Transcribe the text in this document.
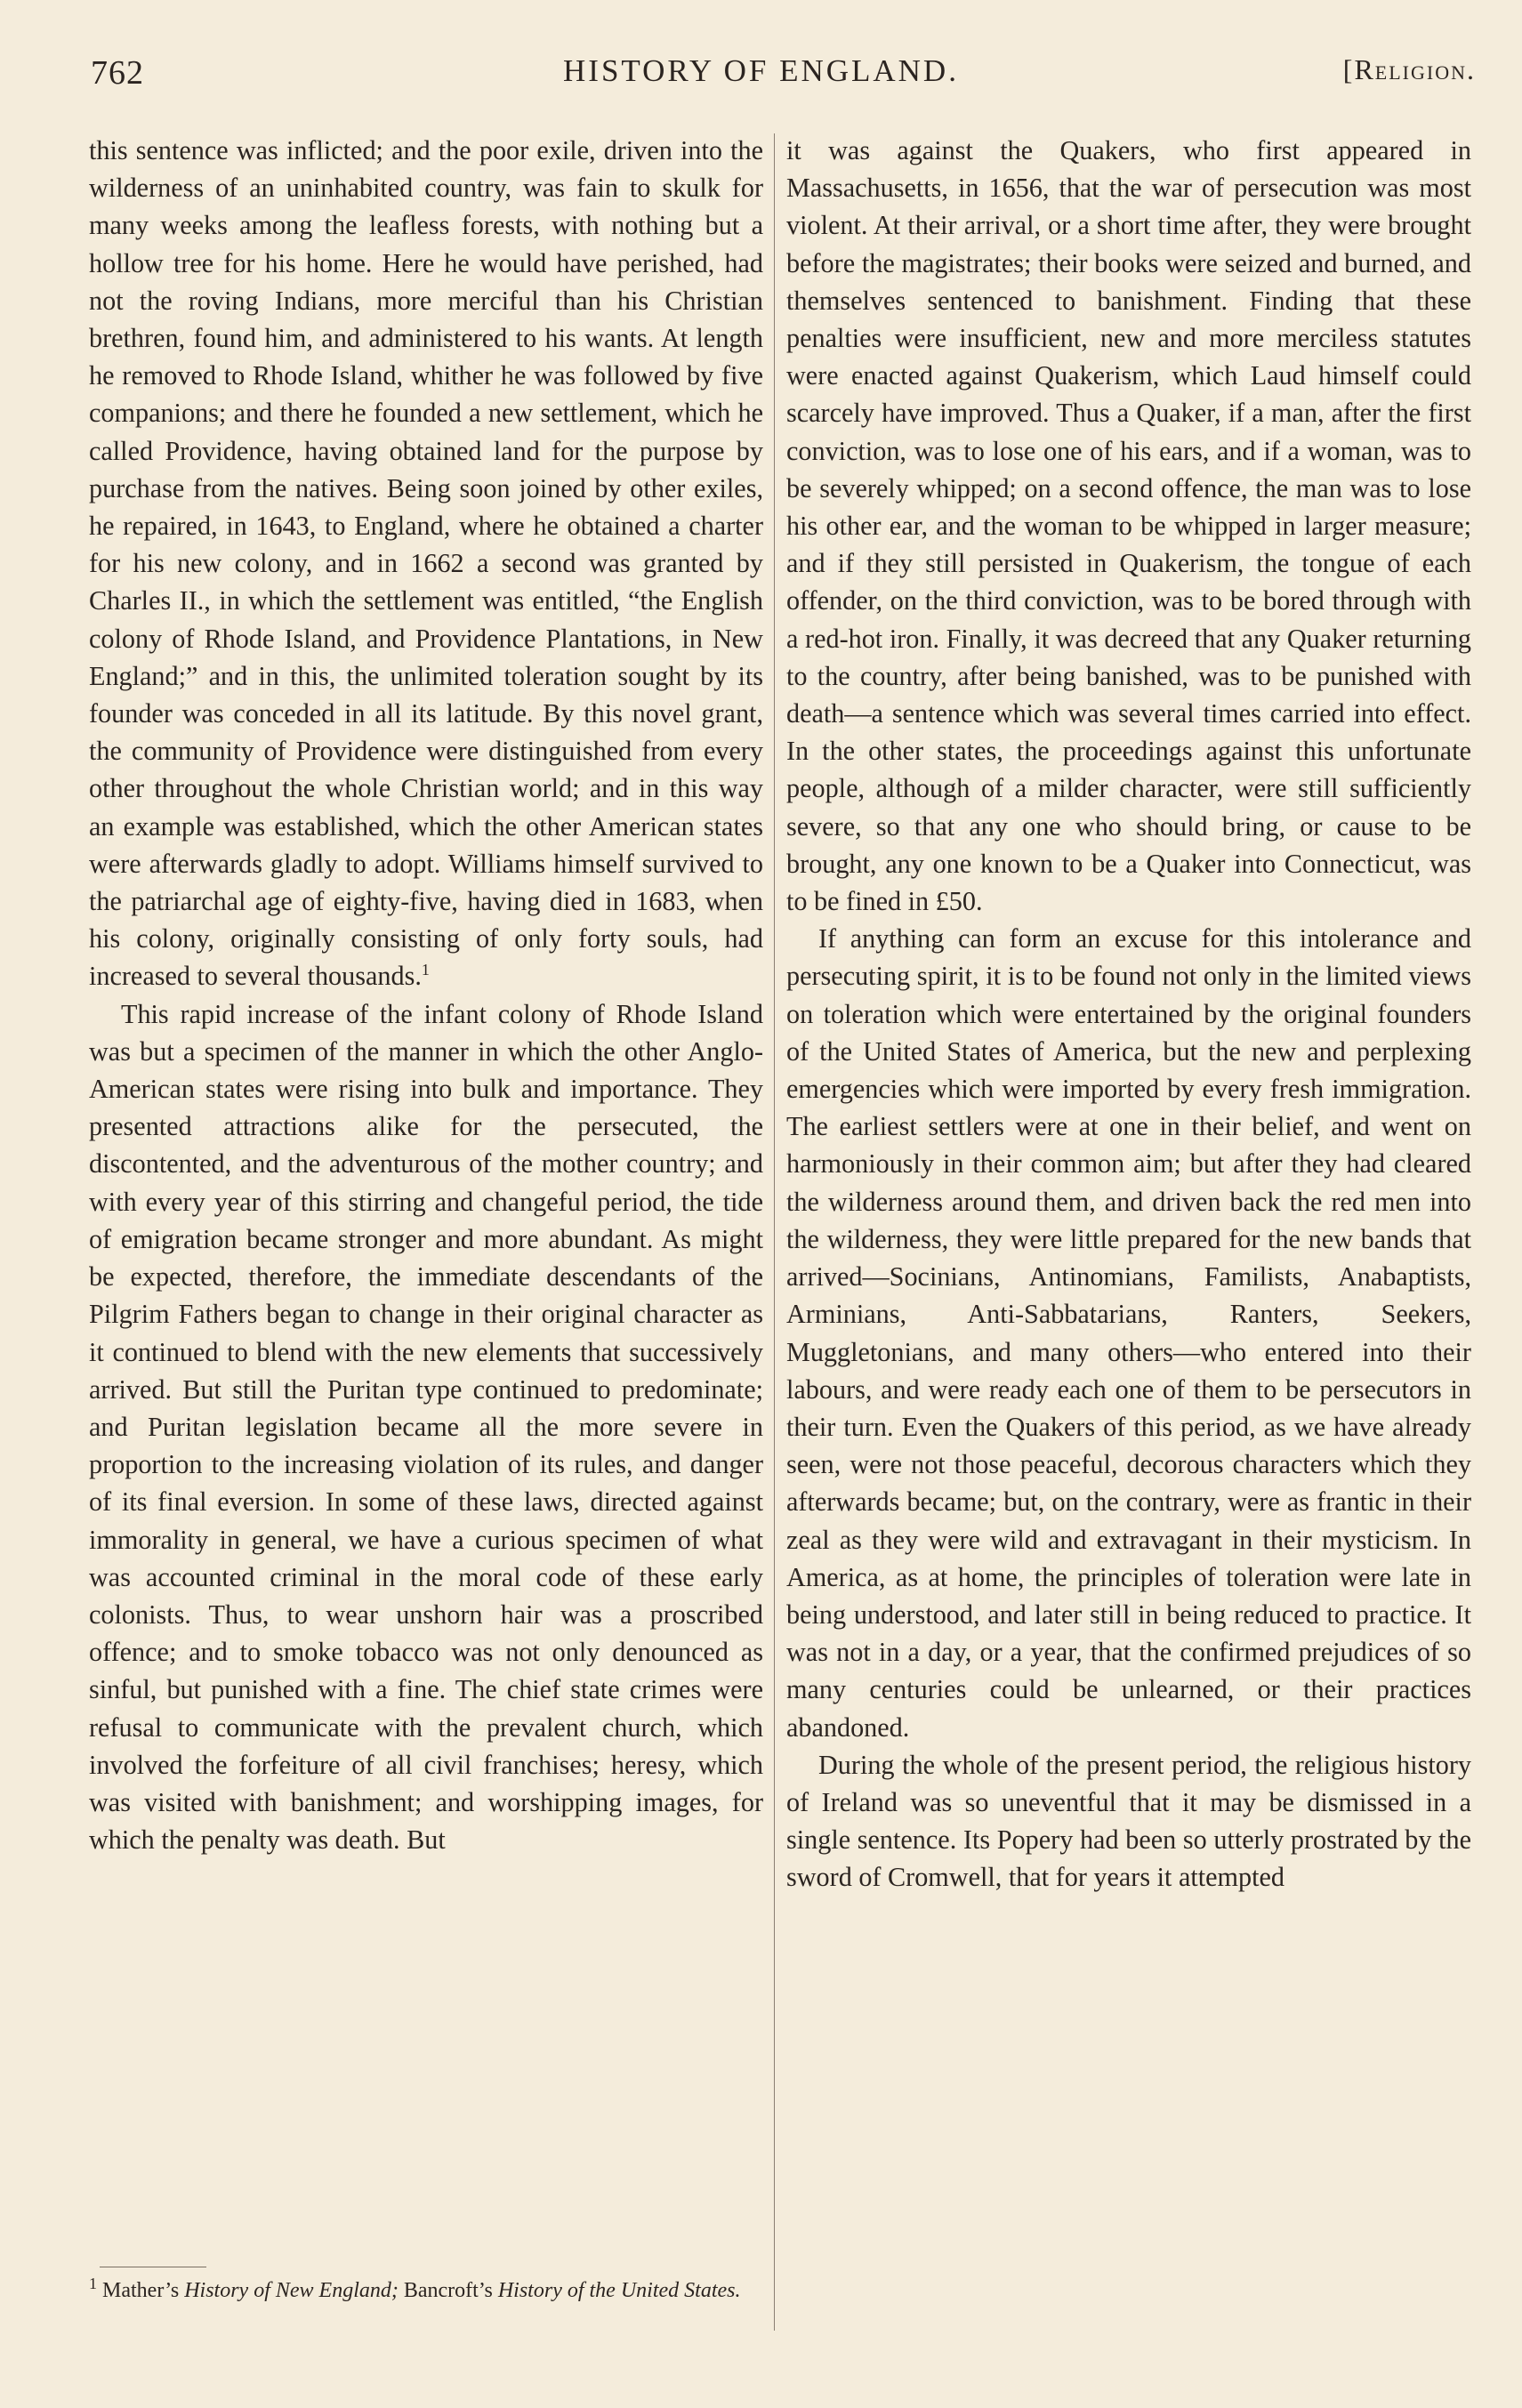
762	HISTORY OF ENGLAND.	[Religion.

this sentence was inflicted; and the poor exile, driven into the wilderness of an uninhabited country, was fain to skulk for many weeks among the leafless forests, with nothing but a hollow tree for his home. Here he would have perished, had not the roving Indians, more merciful than his Christian brethren, found him, and administered to his wants. At length he removed to Rhode Island, whither he was followed by five companions; and there he founded a new settlement, which he called Providence, having obtained land for the purpose by purchase from the natives. Being soon joined by other exiles, he repaired, in 1643, to England, where he obtained a charter for his new colony, and in 1662 a second was granted by Charles II., in which the settlement was entitled, “the English colony of Rhode Island, and Providence Plantations, in New England;” and in this, the unlimited toleration sought by its founder was conceded in all its latitude. By this novel grant, the community of Providence were distinguished from every other throughout the whole Christian world; and in this way an example was established, which the other American states were afterwards gladly to adopt. Williams himself survived to the patriarchal age of eighty-five, having died in 1683, when his colony, originally consisting of only forty souls, had increased to several thousands.$^1$

This rapid increase of the infant colony of Rhode Island was but a specimen of the manner in which the other Anglo-American states were rising into bulk and importance. They presented attractions alike for the persecuted, the discontented, and the adventurous of the mother country; and with every year of this stirring and changeful period, the tide of emigration became stronger and more abundant. As might be expected, therefore, the immediate descendants of the Pilgrim Fathers began to change in their original character as it continued to blend with the new elements that successively arrived. But still the Puritan type continued to predominate; and Puritan legislation became all the more severe in proportion to the increasing violation of its rules, and danger of its final eversion. In some of these laws, directed against immorality in general, we have a curious specimen of what was accounted criminal in the moral code of these early colonists. Thus, to wear unshorn hair was a proscribed offence; and to smoke tobacco was not only denounced as sinful, but punished with a fine. The chief state crimes were refusal to communicate with the prevalent church, which involved the forfeiture of all civil franchises; heresy, which was visited with banishment; and worshipping images, for which the penalty was death. But

it was against the Quakers, who first appeared in Massachusetts, in 1656, that the war of persecution was most violent. At their arrival, or a short time after, they were brought before the magistrates; their books were seized and burned, and themselves sentenced to banishment. Finding that these penalties were insufficient, new and more merciless statutes were enacted against Quakerism, which Laud himself could scarcely have improved. Thus a Quaker, if a man, after the first conviction, was to lose one of his ears, and if a woman, was to be severely whipped; on a second offence, the man was to lose his other ear, and the woman to be whipped in larger measure; and if they still persisted in Quakerism, the tongue of each offender, on the third conviction, was to be bored through with a red-hot iron. Finally, it was decreed that any Quaker returning to the country, after being banished, was to be punished with death—a sentence which was several times carried into effect. In the other states, the proceedings against this unfortunate people, although of a milder character, were still sufficiently severe, so that any one who should bring, or cause to be brought, any one known to be a Quaker into Connecticut, was to be fined in £50.

If anything can form an excuse for this intolerance and persecuting spirit, it is to be found not only in the limited views on toleration which were entertained by the original founders of the United States of America, but the new and perplexing emergencies which were imported by every fresh immigration. The earliest settlers were at one in their belief, and went on harmoniously in their common aim; but after they had cleared the wilderness around them, and driven back the red men into the wilderness, they were little prepared for the new bands that arrived—Socinians, Antinomians, Familists, Anabaptists, Arminians, Anti-Sabbatarians, Ranters, Seekers, Muggletonians, and many others—who entered into their labours, and were ready each one of them to be persecutors in their turn. Even the Quakers of this period, as we have already seen, were not those peaceful, decorous characters which they afterwards became; but, on the contrary, were as frantic in their zeal as they were wild and extravagant in their mysticism. In America, as at home, the principles of toleration were late in being understood, and later still in being reduced to practice. It was not in a day, or a year, that the confirmed prejudices of so many centuries could be unlearned, or their practices abandoned.

During the whole of the present period, the religious history of Ireland was so uneventful that it may be dismissed in a single sentence. Its Popery had been so utterly prostrated by the sword of Cromwell, that for years it attempted

$^1$ Mather’s History of New England; Bancroft’s History of the United States.
